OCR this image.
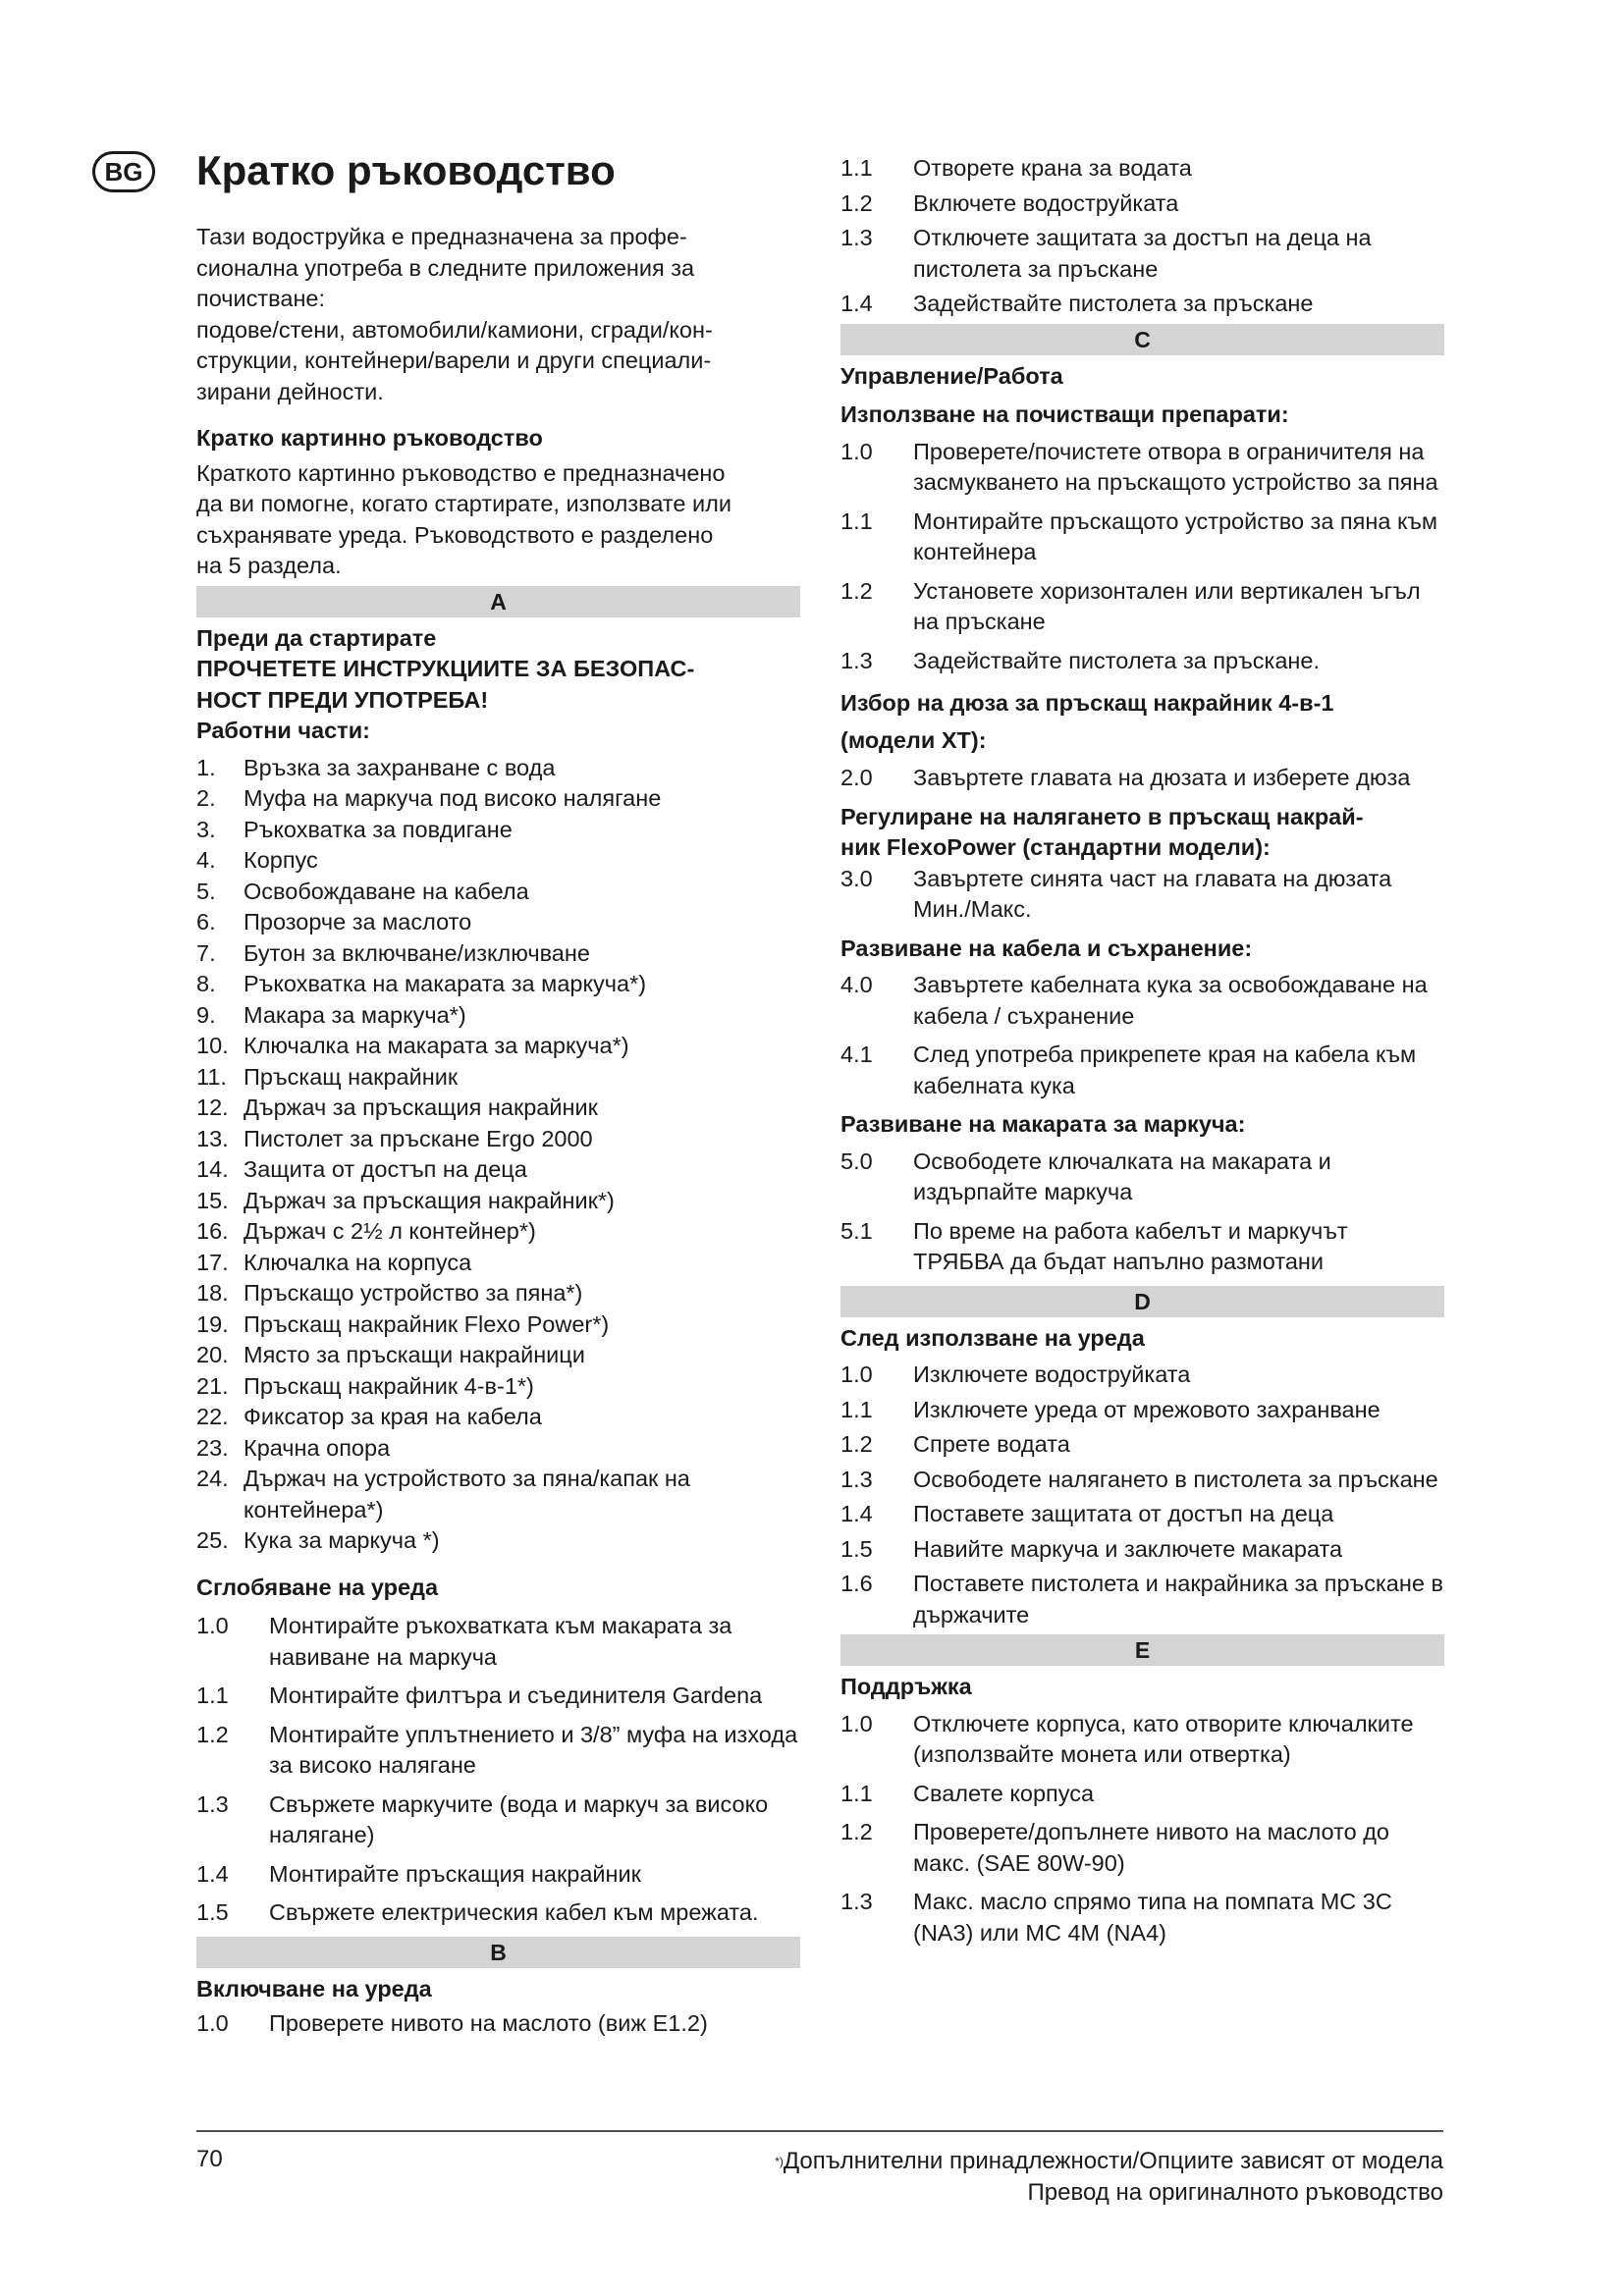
BG Кратко ръководство

Тази водоструйка е предназначена за профе-

сионална употреба в следните приложения за

почистване:

подове/стени, автомобили/камиони, сгради/кон-

струкции, контейнери/варели и други специали-

зирани дейности.

Кратко картинно ръководство

Краткото картинно ръководство е предназначено

да ви помогне, когато стартирате, използвате или

съхранявате уреда. Ръководството е разделено

на 5 раздела.

A

Преди да стартирате

ПРОЧЕТЕТЕ ИНСТРУКЦИИТЕ ЗА БЕЗОПАС-

НОСТ ПРЕДИ УПОТРЕБА!

Работни части:

1.	Връзка за захранване с вода
2.	Муфа на маркуча под високо налягане
3.	Ръкохватка за повдигане
4.	Корпус
5.	Освобождаване на кабела
6.	Прозорче за маслото
7.	Бутон за включване/изключване
8.	Ръкохватка на макарата за маркуча*)
9.	Макара за маркуча*)
10. Ключалка на макарата за маркуча*)
11. Пръскащ накрайник
12. Държач за пръскащия накрайник
13. Пистолет за пръскане Ergo 2000
14. Защита от достъп на деца
15. Държач за пръскащия накрайник*)
16. Държач с 2½ л контейнер*)
17. Ключалка на корпуса
18. Пръскащо устройство за пяна*)
19. Пръскащ накрайник Flexo Power*)
20. Място за пръскащи накрайници
21. Пръскащ накрайник 4-в-1*)
22. Фиксатор за края на кабела
23. Крачна опора
24. Държач на устройството за пяна/капак на контейнера*)
25. Кука за маркуча *)

Сглобяване на уреда

1.0	Монтирайте ръкохватката към макарата за навиване на маркуча
1.1	Монтирайте филтъра и съединителя Gardena
1.2	Монтирайте уплътнението и 3/8” муфа на изхода за високо налягане
1.3	Свържете маркучите (вода и маркуч за високо налягане)
1.4	Монтирайте пръскащия накрайник
1.5	Свържете електрическия кабел към мрежата.
B

Включване на уреда

1.0	Проверете нивото на маслото (виж E1.2)
1.1	Отворете крана за водата
1.2	Включете водоструйката
1.3	Отключете защитата за достъп на деца на пистолета за пръскане
1.4	Задействайте пистолета за пръскане
C

Управление/Работа

Използване на почистващи препарати:

1.0	Проверете/почистете отвора в ограничителя на засмукването на пръскащото устройство за пяна
1.1	Монтирайте пръскащото устройство за пяна към контейнера
1.2	Установете хоризонтален или вертикален ъгъл на пръскане
1.3	Задействайте пистолета за пръскане.

Избор на дюза за пръскащ накрайник 4-в-1

(модели XT):

2.0	Завъртете главата на дюзата и изберете дюза

Регулиране на налягането в пръскащ накрай-

ник FlexoPower (стандартни модели):

3.0	Завъртете синята част на главата на дюзата Мин./Макс.

Развиване на кабела и съхранение:

4.0	Завъртете кабелната кука за освобождаване на кабела / съхранение
4.1	След употреба прикрепете края на кабела към кабелната кука

Развиване на макарата за маркуча:

5.0	Освободете ключалката на макарата и издърпайте маркуча
5.1	По време на работа кабелът и маркучът ТРЯБВА да бъдат напълно размотани
D

След използване на уреда

1.0	Изключете водоструйката
1.1	Изключете уреда от мрежовото захранване
1.2	Спрете водата
1.3	Освободете налягането в пистолета за пръскане
1.4	Поставете защитата от достъп на деца
1.5	Навийте маркуча и заключете макарата
1.6	Поставете пистолета и накрайника за пръскане в държачите
E

Поддръжка

1.0	Отключете корпуса, като отворите ключалките (използвайте монета или отвертка)
1.1	Свалете корпуса
1.2	Проверете/допълнете нивото на маслото до макс. (SAE 80W-90)
1.3	Макс. масло спрямо типа на помпата MC 3C (NA3) или MC 4M (NA4)
70	*)Допълнителни принадлежности/Опциите зависят от модела
Превод на оригиналното ръководство
